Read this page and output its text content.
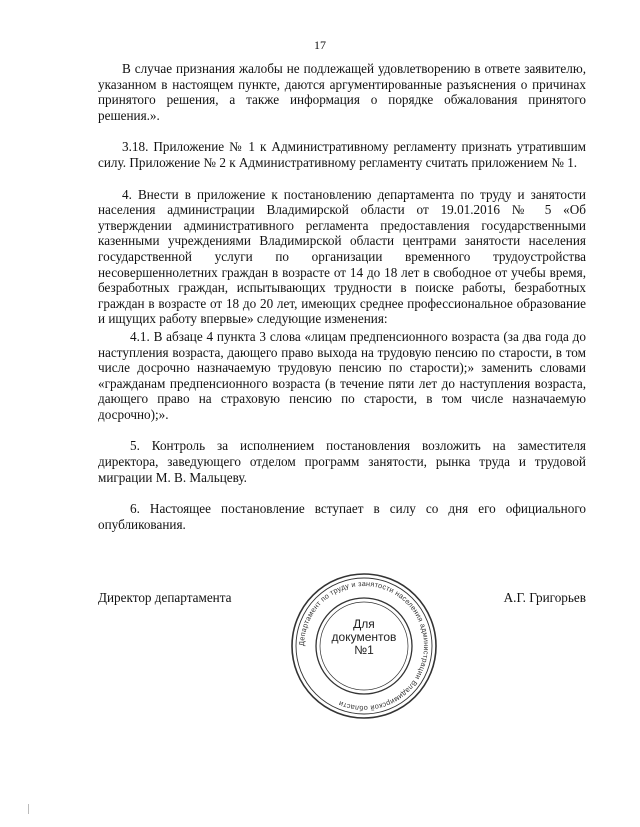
17

В случае признания жалобы не подлежащей удовлетворению в ответе заявителю, указанном в настоящем пункте, даются аргументированные разъяснения о причинах принятого решения, а также информация о порядке обжалования принятого решения.».

3.18. Приложение № 1 к Административному регламенту признать утратившим силу. Приложение № 2 к Административному регламенту считать приложением № 1.

4. Внести в приложение к постановлению департамента по труду и занятости населения администрации Владимирской области от 19.01.2016 № 5 «Об утверждении административного регламента предоставления государственными казенными учреждениями Владимирской области центрами занятости населения государственной услуги по организации временного трудоустройства несовершеннолетних граждан в возрасте от 14 до 18 лет в свободное от учебы время, безработных граждан, испытывающих трудности в поиске работы, безработных граждан в возрасте от 18 до 20 лет, имеющих среднее профессиональное образование и ищущих работу впервые» следующие изменения:

4.1. В абзаце 4 пункта 3 слова «лицам предпенсионного возраста (за два года до наступления возраста, дающего право выхода на трудовую пенсию по старости, в том числе досрочно назначаемую трудовую пенсию по старости);» заменить словами «гражданам предпенсионного возраста (в течение пяти лет до наступления возраста, дающего право на страховую пенсию по старости, в том числе назначаемую досрочно);».

5. Контроль за исполнением постановления возложить на заместителя директора, заведующего отделом программ занятости, рынка труда и трудовой миграции М. В. Мальцеву.

6. Настоящее постановление вступает в силу со дня его официального опубликования.

Директор департамента	А.Г. Григорьев
Департамент по труду и занятости населения администрации Владимирской области
Для
документов
№1
